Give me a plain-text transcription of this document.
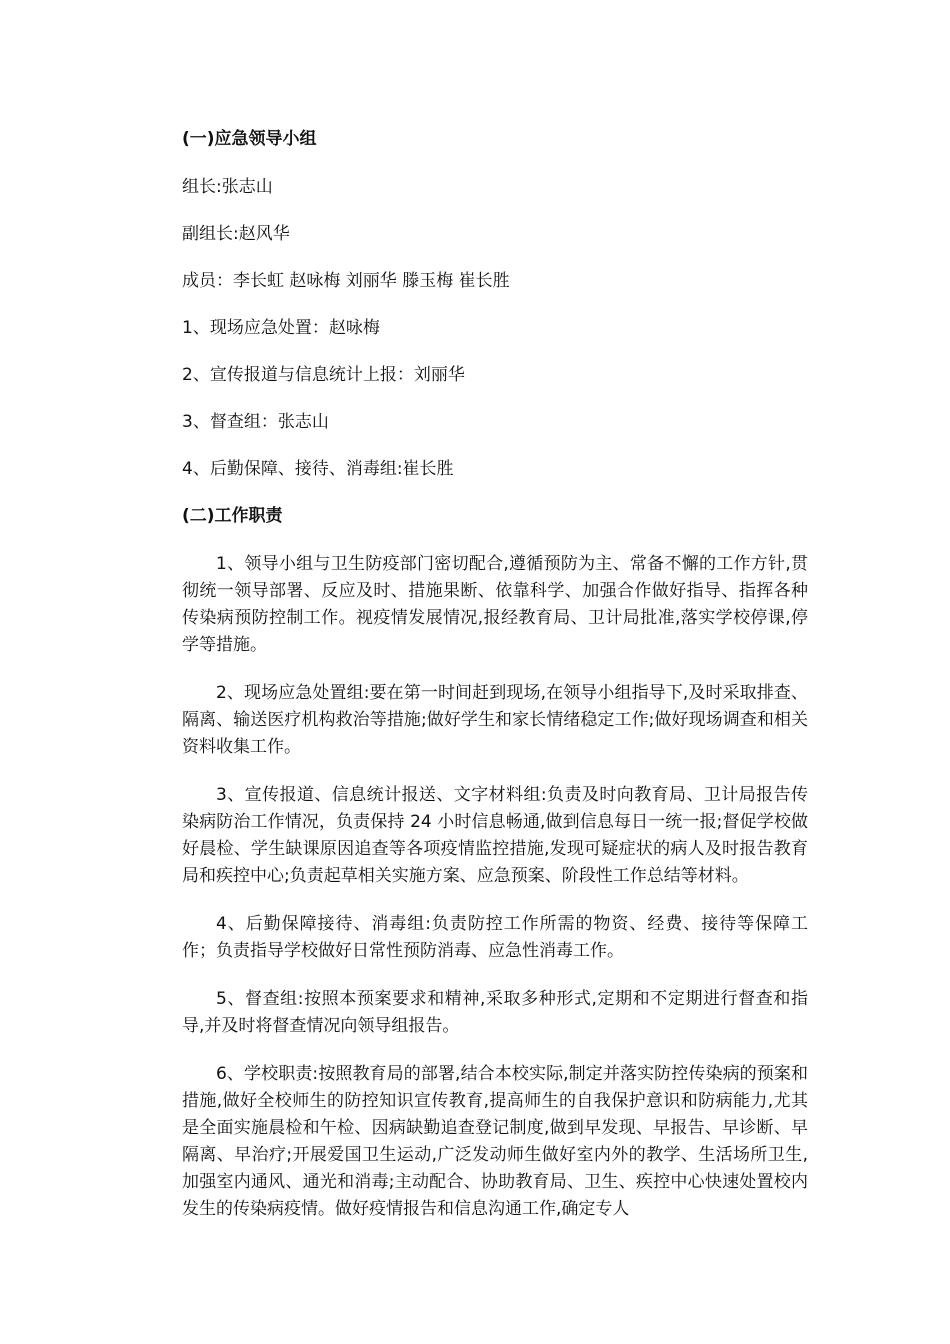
(一)应急领导小组
组长:张志山
副组长:赵风华
成员：李长虹 赵咏梅 刘丽华 滕玉梅 崔长胜
1、现场应急处置：赵咏梅
2、宣传报道与信息统计上报：刘丽华
3、督查组：张志山
4、后勤保障、接待、消毒组:崔长胜
(二)工作职责

1、领导小组与卫生防疫部门密切配合,遵循预防为主、常备不懈的工作方针,贯彻统一领导部署、反应及时、措施果断、依靠科学、加强合作做好指导、指挥各种传染病预防控制工作。视疫情发展情况,报经教育局、卫计局批准,落实学校停课,停学等措施。

2、现场应急处置组:要在第一时间赶到现场,在领导小组指导下,及时采取排查、隔离、输送医疗机构救治等措施;做好学生和家长情绪稳定工作;做好现场调查和相关资料收集工作。

3、宣传报道、信息统计报送、文字材料组:负责及时向教育局、卫计局报告传染病防治工作情况，负责保持 24 小时信息畅通,做到信息每日一统一报;督促学校做好晨检、学生缺课原因追查等各项疫情监控措施,发现可疑症状的病人及时报告教育局和疾控中心;负责起草相关实施方案、应急预案、阶段性工作总结等材料。

4、后勤保障接待、消毒组:负责防控工作所需的物资、经费、接待等保障工作；负责指导学校做好日常性预防消毒、应急性消毒工作。

5、督查组:按照本预案要求和精神,采取多种形式,定期和不定期进行督查和指导,并及时将督查情况向领导组报告。

6、学校职责:按照教育局的部署,结合本校实际,制定并落实防控传染病的预案和措施,做好全校师生的防控知识宣传教育,提高师生的自我保护意识和防病能力,尤其是全面实施晨检和午检、因病缺勤追查登记制度,做到早发现、早报告、早诊断、早隔离、早治疗;开展爱国卫生运动,广泛发动师生做好室内外的教学、生活场所卫生,加强室内通风、通光和消毒;主动配合、协助教育局、卫生、疾控中心快速处置校内发生的传染病疫情。做好疫情报告和信息沟通工作,确定专人
